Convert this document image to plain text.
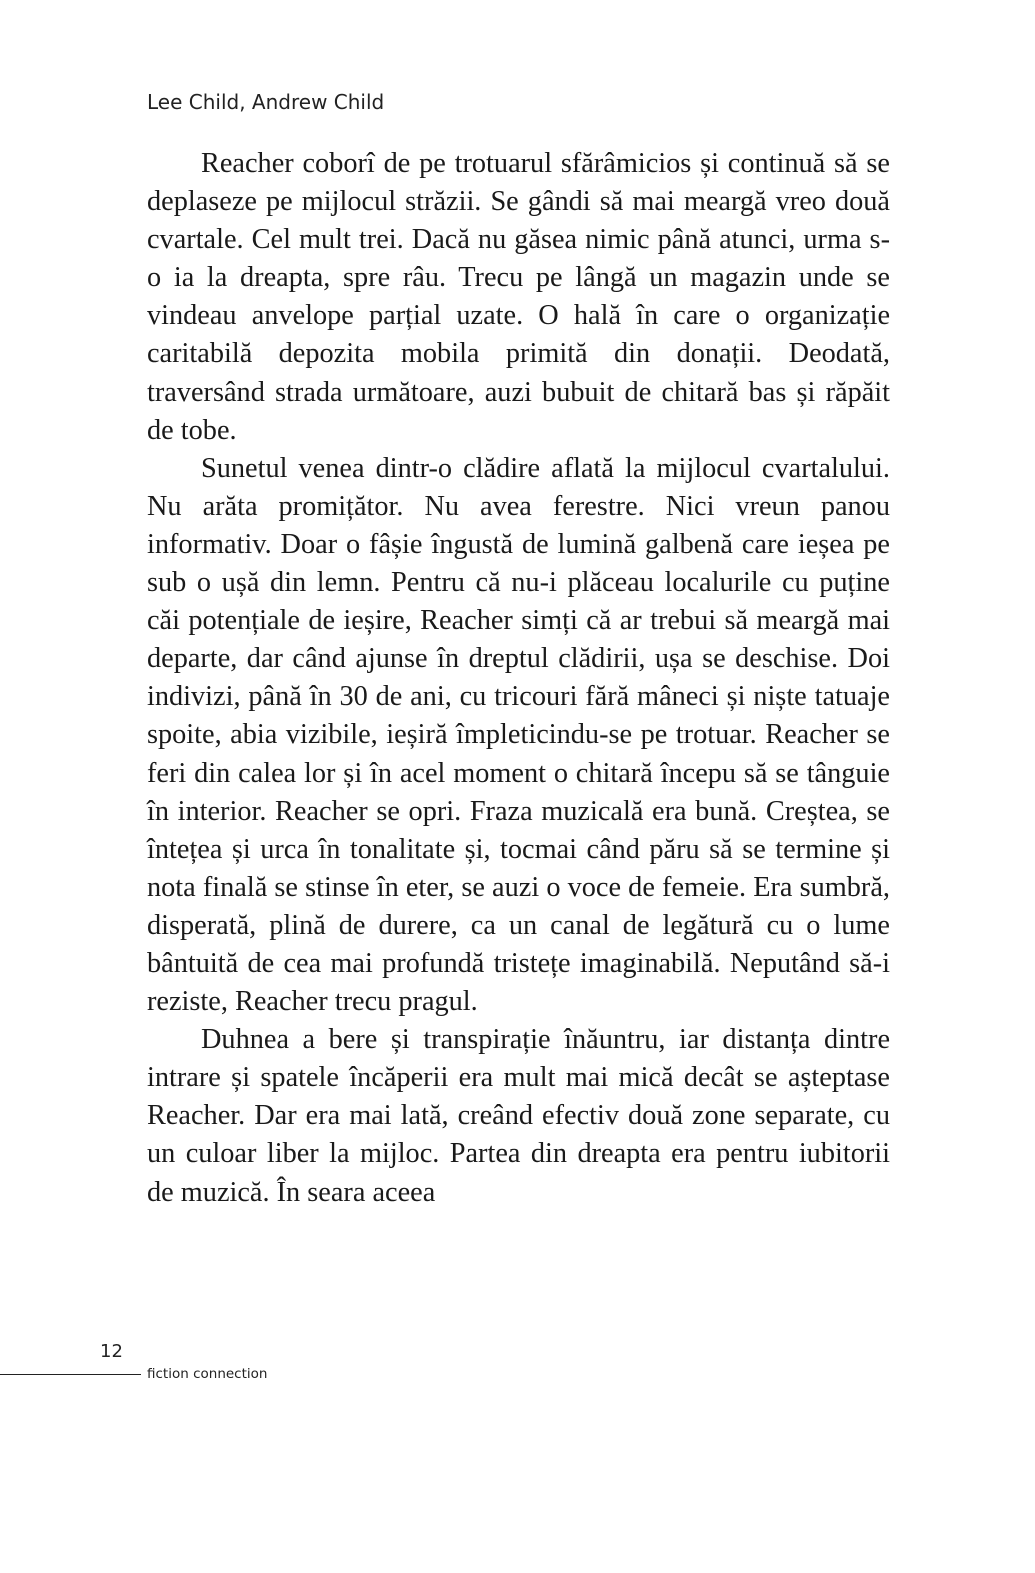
Lee Child, Andrew Child

Reacher coborî de pe trotuarul sfărâmicios și continuă să se deplaseze pe mijlocul străzii. Se gândi să mai meargă vreo două cvartale. Cel mult trei. Dacă nu găsea nimic până atunci, urma s-o ia la dreapta, spre râu. Trecu pe lângă un magazin unde se vindeau anvelope parțial uzate. O hală în care o organizație caritabilă depozita mobila primită din donații. Deodată, traversând strada următoare, auzi bubuit de chitară bas și răpăit de tobe.

Sunetul venea dintr-o clădire aflată la mijlocul cvartalului. Nu arăta promițător. Nu avea ferestre. Nici vreun panou informativ. Doar o fâșie îngustă de lumină galbenă care ieșea pe sub o ușă din lemn. Pentru că nu-i plăceau localurile cu puține căi potențiale de ieșire, Reacher simți că ar trebui să meargă mai departe, dar când ajunse în dreptul clădirii, ușa se deschise. Doi indivizi, până în 30 de ani, cu tricouri fără mâneci și niște tatuaje spoite, abia vizibile, ieșiră împleticindu-se pe trotuar. Reacher se feri din calea lor și în acel moment o chitară începu să se tânguie în interior. Reacher se opri. Fraza muzicală era bună. Creștea, se întețea și urca în tonalitate și, tocmai când păru să se termine și nota finală se stinse în eter, se auzi o voce de femeie. Era sumbră, disperată, plină de durere, ca un canal de legătură cu o lume bântuită de cea mai profundă tristețe imaginabilă. Neputând să-i reziste, Reacher trecu pragul.

Duhnea a bere și transpirație înăuntru, iar distanța dintre intrare și spatele încăperii era mult mai mică decât se așteptase Reacher. Dar era mai lată, creând efectiv două zone separate, cu un culoar liber la mijloc. Partea din dreapta era pentru iubitorii de muzică. În seara aceea

12
fiction connection
